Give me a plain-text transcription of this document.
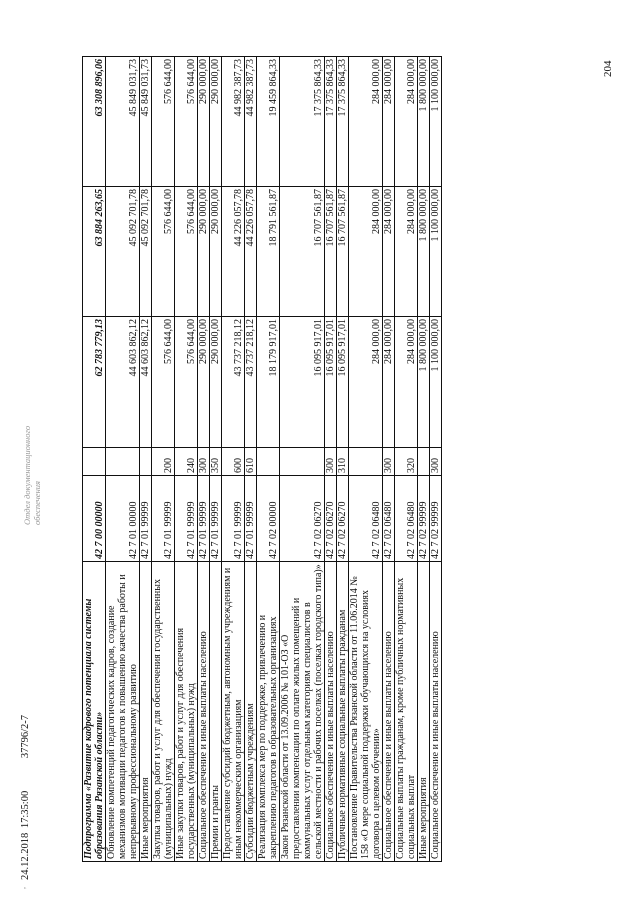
204
Подпрограмма «Развитие кадрового потенциала системы образования Рязанской области»	42 7 00 00000		62 783 779,13	63 884 263,65	63 308 896,06
Обновление компетенций педагогических кадров, создание механизмов мотивации педагогов к повышению качества работы и непрерывному профессиональному развитию	42 7 01 00000		44 603 862,12	45 092 701,78	45 849 031,73
Иные мероприятия	42 7 01 99999		44 603 862,12	45 092 701,78	45 849 031,73
Закупка товаров, работ и услуг для обеспечения государственных (муниципальных) нужд	42 7 01 99999	200	576 644,00	576 644,00	576 644,00
Иные закупки товаров, работ и услуг для обеспечения государственных (муниципальных) нужд	42 7 01 99999	240	576 644,00	576 644,00	576 644,00
Социальное обеспечение и иные выплаты населению	42 7 01 99999	300	290 000,00	290 000,00	290 000,00
Премии и гранты	42 7 01 99999	350	290 000,00	290 000,00	290 000,00
Предоставление субсидий бюджетным, автономным учреждениям и иным некоммерческим организациям	42 7 01 99999	600	43 737 218,12	44 226 057,78	44 982 387,73
Субсидии бюджетным учреждениям	42 7 01 99999	610	43 737 218,12	44 226 057,78	44 982 387,73
Реализация комплекса мер по поддержке, привлечению и закреплению педагогов в образовательных организациях	42 7 02 00000		18 179 917,01	18 791 561,87	19 459 864,33
Закон Рязанской области от 13.09.2006 № 101-ОЗ «О предоставлении компенсации по оплате жилых помещений и коммунальных услуг отдельным категориям специалистов в сельской местности и рабочих поселках (поселках городского типа)»	42 7 02 06270		16 095 917,01	16 707 561,87	17 375 864,33
Социальное обеспечение и иные выплаты населению	42 7 02 06270	300	16 095 917,01	16 707 561,87	17 375 864,33
Публичные нормативные социальные выплаты гражданам	42 7 02 06270	310	16 095 917,01	16 707 561,87	17 375 864,33
Постановление Правительства Рязанской области от 11.06.2014 № 158 «О мере социальной поддержки обучающихся на условиях договора о целевом обучении»	42 7 02 06480		284 000,00	284 000,00	284 000,00
Социальное обеспечение и иные выплаты населению	42 7 02 06480	300	284 000,00	284 000,00	284 000,00
Социальные выплаты гражданам, кроме публичных нормативных социальных выплат	42 7 02 06480	320	284 000,00	284 000,00	284 000,00
Иные мероприятия	42 7 02 99999		1 800 000,00	1 800 000,00	1 800 000,00
Социальное обеспечение и иные выплаты населению	42 7 02 99999	300	1 100 000,00	1 100 000,00	1 100 000,00
Отдел документационного обеспечения
,
24.12.2018 17:35:00 37796/2-7
